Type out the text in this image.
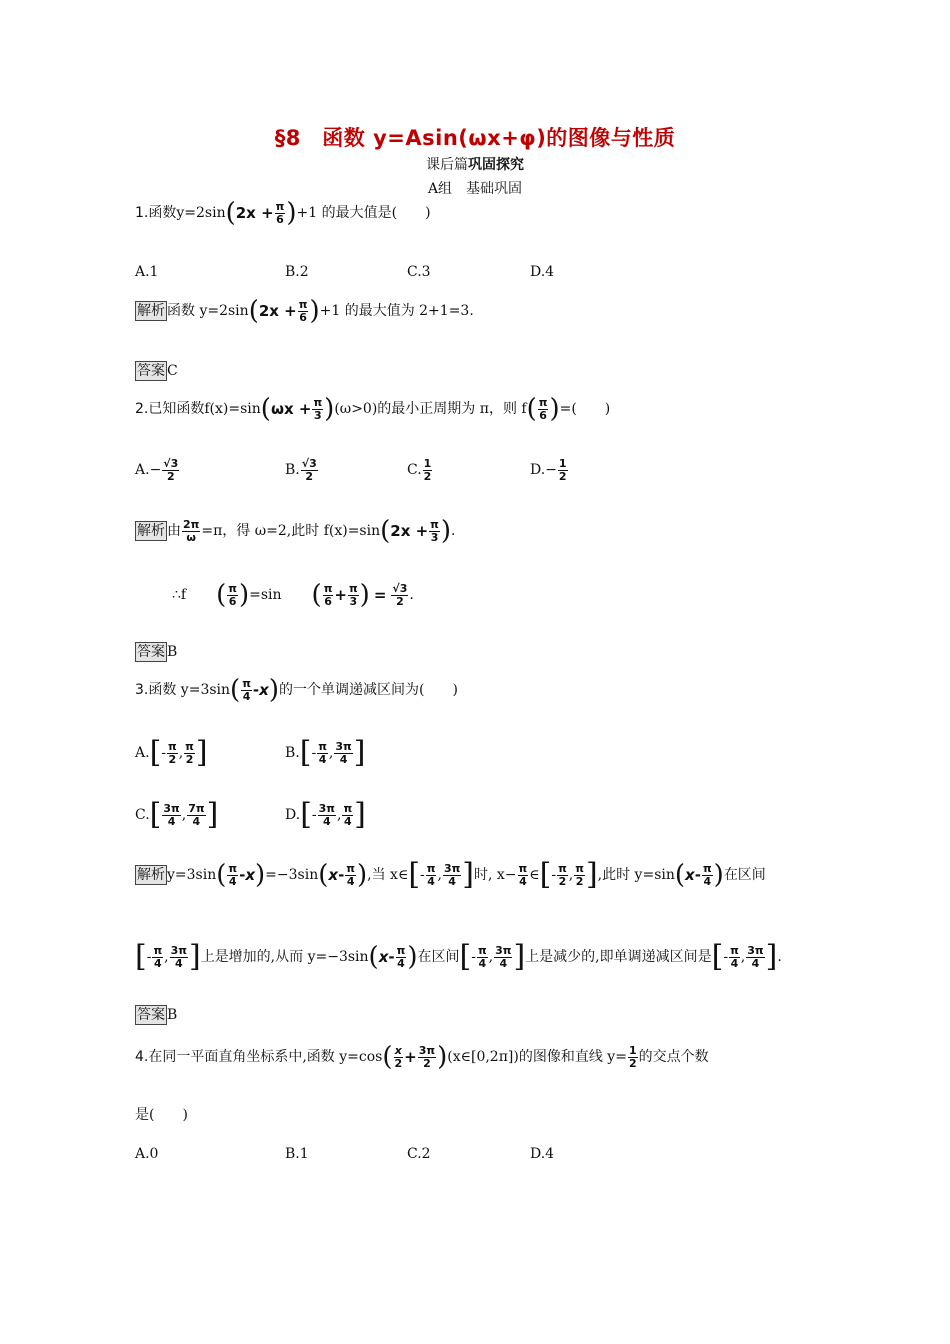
§8　函数 y=Asin(ωx+φ)的图像与性质
课后篇巩固探究
A组　基础巩固
1. 函数 y=2sin ( $2x + \frac{\pi}{6}$ ) +1 的最大值是(　　)
A.1	B.2	C.3	D.4
解析 函数 y=2sin ( $2x + \frac{\pi}{6}$ ) +1 的最大值为 2+1=3.
答案 C
2. 已知函数 f(x)=sin ( $\omega x + \frac{\pi}{3}$ ) (ω>0)的最小正周期为 π，则 f ( $\frac{\pi}{6}$ ) =(　　)
A. − $\frac{√3}{2}$	B. $\frac{√3}{2}$	C. $\frac{1}{2}$	D. − $\frac{1}{2}$
解析 由 $\frac{2\pi}{\omega} =\pi$，得 ω=2,此时 f(x)=sin ( $2x + \frac{\pi}{3}$ ) .
∴f ( $\frac{\pi}{6}$ ) =sin ( $\frac{\pi}{6} + \frac{\pi}{3}$ ) = $\frac{√3}{2}$ .
答案 B
3. 函数 y=3sin ( $\frac{\pi}{4} -x$ ) 的一个单调递减区间为(　　)
A. [ - $\frac{\pi}{2}$ , $\frac{\pi}{2}$ ]	B. [ - $\frac{\pi}{4}$ , $\frac{3\pi}{4}$ ]
C. [ $\frac{3\pi}{4}$ , $\frac{7\pi}{4}$ ]	D. [ - $\frac{3\pi}{4}$ , $\frac{\pi}{4}$ ]
解析 y=3sin ( $\frac{\pi}{4} -x$ ) =−3sin ( $x- \frac{\pi}{4}$ ) ,当 x∈ [ - $\frac{\pi}{4}$ , $\frac{3\pi}{4}$ ] 时, $x- \frac{\pi}{4}$ ∈ [ - $\frac{\pi}{2}$ , $\frac{\pi}{2}$ ] ,此时 y=sin ( $x- \frac{\pi}{4}$ ) 在区间
[ - $\frac{\pi}{4}$ , $\frac{3\pi}{4}$ ] 上是增加的,从而 y=−3sin ( $x- \frac{\pi}{4}$ ) 在区间 [ - $\frac{\pi}{4}$ , $\frac{3\pi}{4}$ ] 上是减少的,即单调递减区间是 [ - $\frac{\pi}{4}$ , $\frac{3\pi}{4}$ ] .
答案 B
4. 在同一平面直角坐标系中,函数 y=cos ( $\frac{x}{2} + \frac{3\pi}{2}$ ) (x∈[0,2π])的图像和直线 $y= \frac{1}{2}$ 的交点个数
是(　　)
A.0	B.1	C.2	D.4
